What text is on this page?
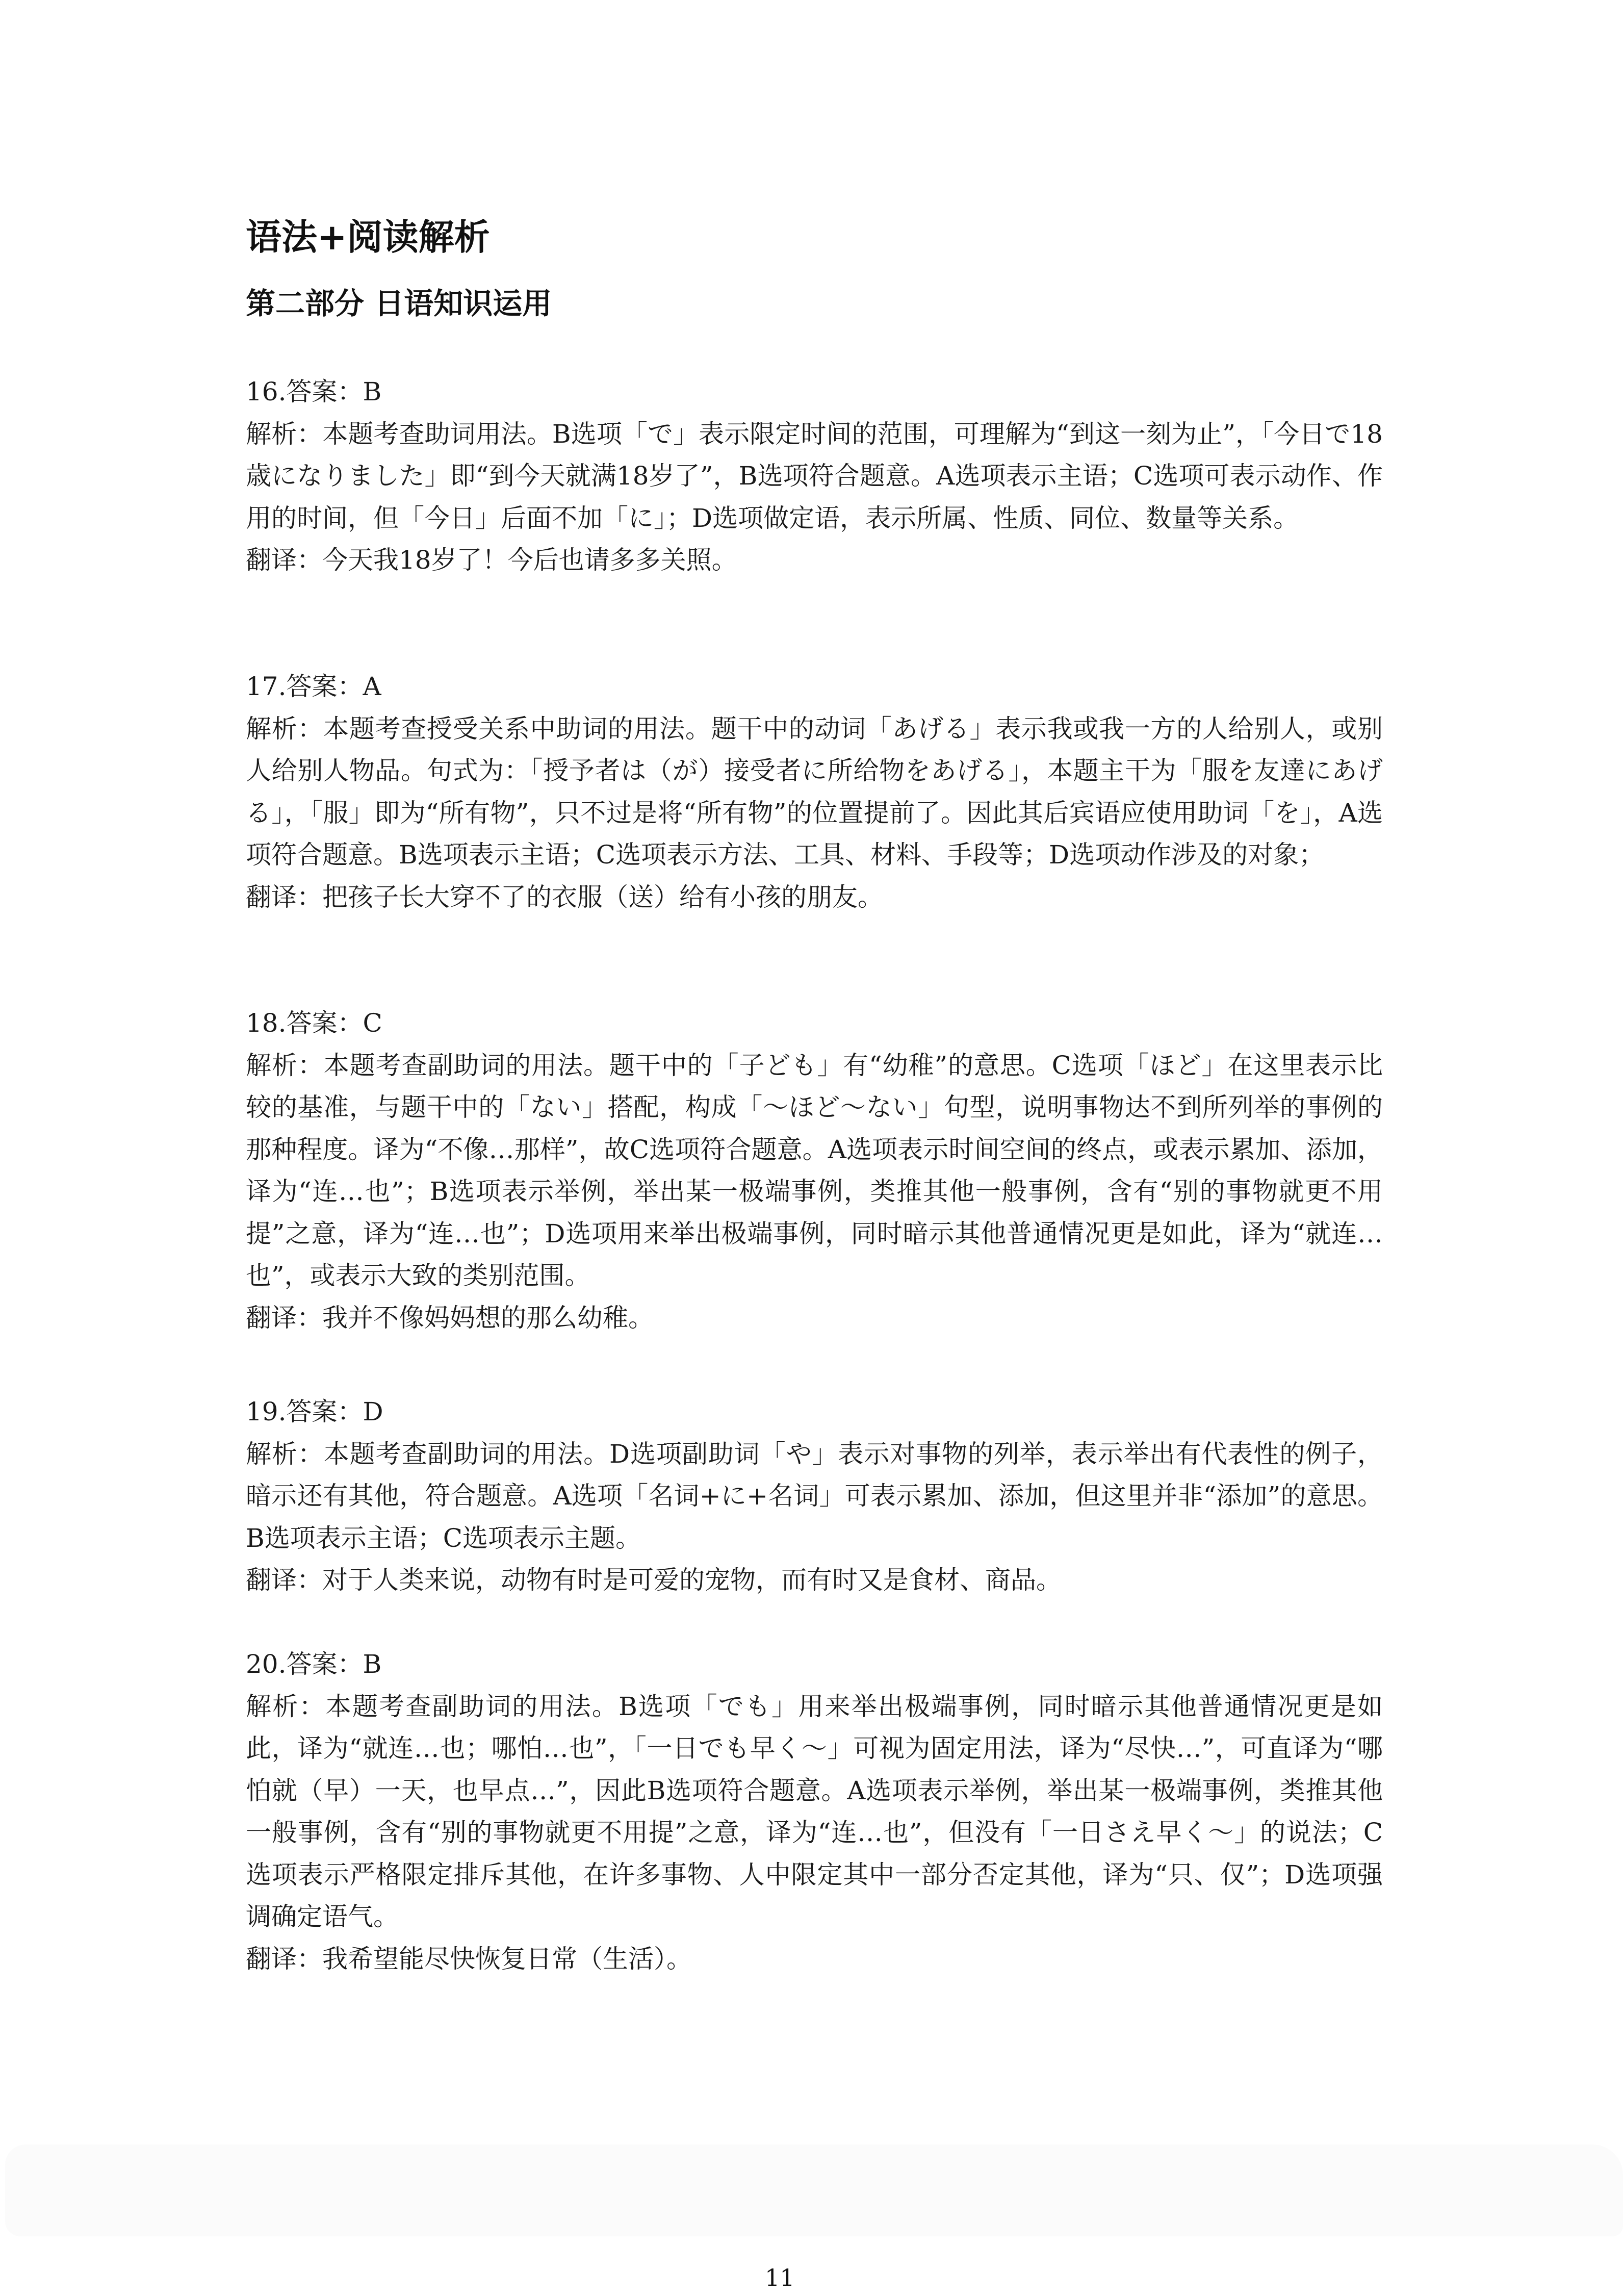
语法+阅读解析
第二部分 日语知识运用
16.答案：B
解析：本题考查助词用法。B选项「で」表示限定时间的范围，可理解为“到这一刻为止”，「今日で18歳になりました」即“到今天就满18岁了”，B选项符合题意。A选项表示主语；C选项可表示动作、作用的时间，但「今日」后面不加「に」；D选项做定语，表示所属、性质、同位、数量等关系。
翻译：今天我18岁了！今后也请多多关照。
17.答案：A
解析：本题考查授受关系中助词的用法。题干中的动词「あげる」表示我或我一方的人给别人，或别人给别人物品。句式为：「授予者は（が）接受者に所给物をあげる」，本题主干为「服を友達にあげる」，「服」即为“所有物”，只不过是将“所有物”的位置提前了。因此其后宾语应使用助词「を」，A选项符合题意。B选项表示主语；C选项表示方法、工具、材料、手段等；D选项动作涉及的对象；
翻译：把孩子长大穿不了的衣服（送）给有小孩的朋友。
18.答案：C
解析：本题考查副助词的用法。题干中的「子ども」有“幼稚”的意思。C选项「ほど」在这里表示比较的基准，与题干中的「ない」搭配，构成「～ほど～ない」句型，说明事物达不到所列举的事例的那种程度。译为“不像…那样”，故C选项符合题意。A选项表示时间空间的终点，或表示累加、添加，译为“连…也”；B选项表示举例，举出某一极端事例，类推其他一般事例，含有“别的事物就更不用提”之意，译为“连…也”；D选项用来举出极端事例，同时暗示其他普通情况更是如此，译为“就连…也”，或表示大致的类别范围。
翻译：我并不像妈妈想的那么幼稚。
19.答案：D
解析：本题考查副助词的用法。D选项副助词「や」表示对事物的列举，表示举出有代表性的例子，暗示还有其他，符合题意。A选项「名词+に+名词」可表示累加、添加，但这里并非“添加”的意思。B选项表示主语；C选项表示主题。
翻译：对于人类来说，动物有时是可爱的宠物，而有时又是食材、商品。
20.答案：B
解析：本题考查副助词的用法。B选项「でも」用来举出极端事例，同时暗示其他普通情况更是如此，译为“就连…也；哪怕…也”，「一日でも早く～」可视为固定用法，译为“尽快…”，可直译为“哪怕就（早）一天，也早点…”，因此B选项符合题意。A选项表示举例，举出某一极端事例，类推其他一般事例，含有“别的事物就更不用提”之意，译为“连…也”，但没有「一日さえ早く～」的说法；C选项表示严格限定排斥其他，在许多事物、人中限定其中一部分否定其他，译为“只、仅”；D选项强调确定语气。
翻译：我希望能尽快恢复日常（生活）。
11
